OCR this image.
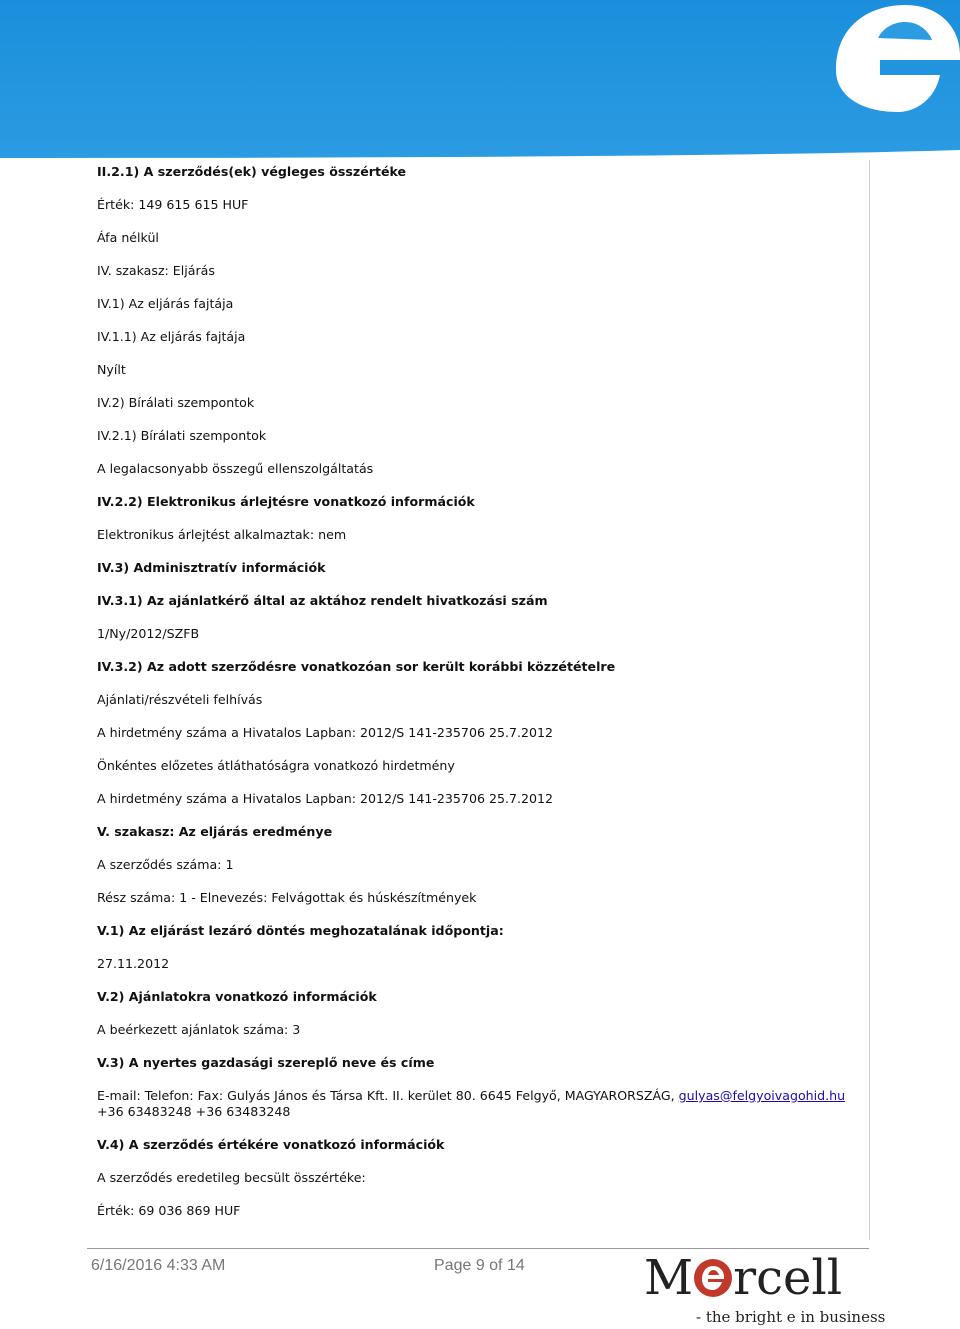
II.2.1) A szerződés(ek) végleges összértéke
Érték: 149 615 615 HUF
Áfa nélkül
IV. szakasz: Eljárás
IV.1) Az eljárás fajtája
IV.1.1) Az eljárás fajtája
Nyílt
IV.2) Bírálati szempontok
IV.2.1) Bírálati szempontok
A legalacsonyabb összegű ellenszolgáltatás
IV.2.2) Elektronikus árlejtésre vonatkozó információk
Elektronikus árlejtést alkalmaztak: nem
IV.3) Adminisztratív információk
IV.3.1) Az ajánlatkérő által az aktához rendelt hivatkozási szám
1/Ny/2012/SZFB
IV.3.2) Az adott szerződésre vonatkozóan sor került korábbi közzétételre
Ajánlati/részvételi felhívás
A hirdetmény száma a Hivatalos Lapban: 2012/S 141-235706 25.7.2012
Önkéntes előzetes átláthatóságra vonatkozó hirdetmény
A hirdetmény száma a Hivatalos Lapban: 2012/S 141-235706 25.7.2012
V. szakasz: Az eljárás eredménye
A szerződés száma: 1
Rész száma: 1 - Elnevezés: Felvágottak és húskészítmények
V.1) Az eljárást lezáró döntés meghozatalának időpontja:
27.11.2012
V.2) Ajánlatokra vonatkozó információk
A beérkezett ajánlatok száma: 3
V.3) A nyertes gazdasági szereplő neve és címe
E-mail: Telefon: Fax: Gulyás János és Társa Kft. II. kerület 80. 6645 Felgyő, MAGYARORSZÁG, gulyas@felgyoivagohid.hu +36 63483248 +36 63483248
V.4) A szerződés értékére vonatkozó információk
A szerződés eredetileg becsült összértéke:
Érték: 69 036 869 HUF
6/16/2016 4:33 AM	Page 9 of 14 M rcell
- the bright e in business
